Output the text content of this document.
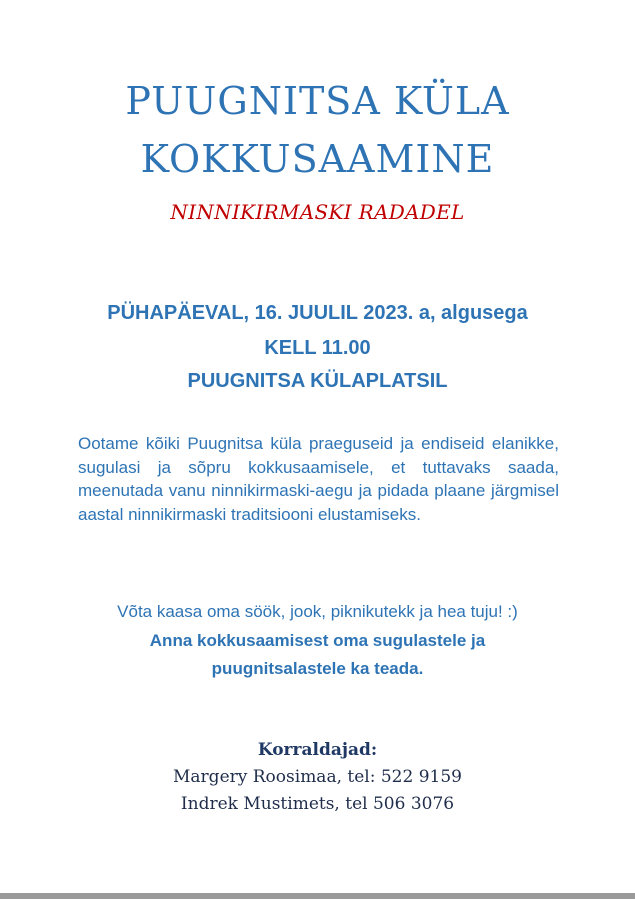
PUUGNITSA KÜLA
KOKKUSAAMINE
NINNIKIRMASKI RADADEL
PÜHAPÄEVAL, 16. JUULIL 2023. a, algusega
KELL 11.00
PUUGNITSA KÜLAPLATSIL

Ootame kõiki Puugnitsa küla praeguseid ja endiseid elanikke, sugulasi ja sõpru kokkusaamisele, et tuttavaks saada, meenutada vanu ninnikirmaski-aegu ja pidada plaane järgmisel aastal ninnikirmaski traditsiooni elustamiseks.

Võta kaasa oma söök, jook, piknikutekk ja hea tuju! :)
Anna kokkusaamisest oma sugulastele ja
puugnitsalastele ka teada.
Korraldajad:
Margery Roosimaa, tel: 522 9159
Indrek Mustimets, tel 506 3076
